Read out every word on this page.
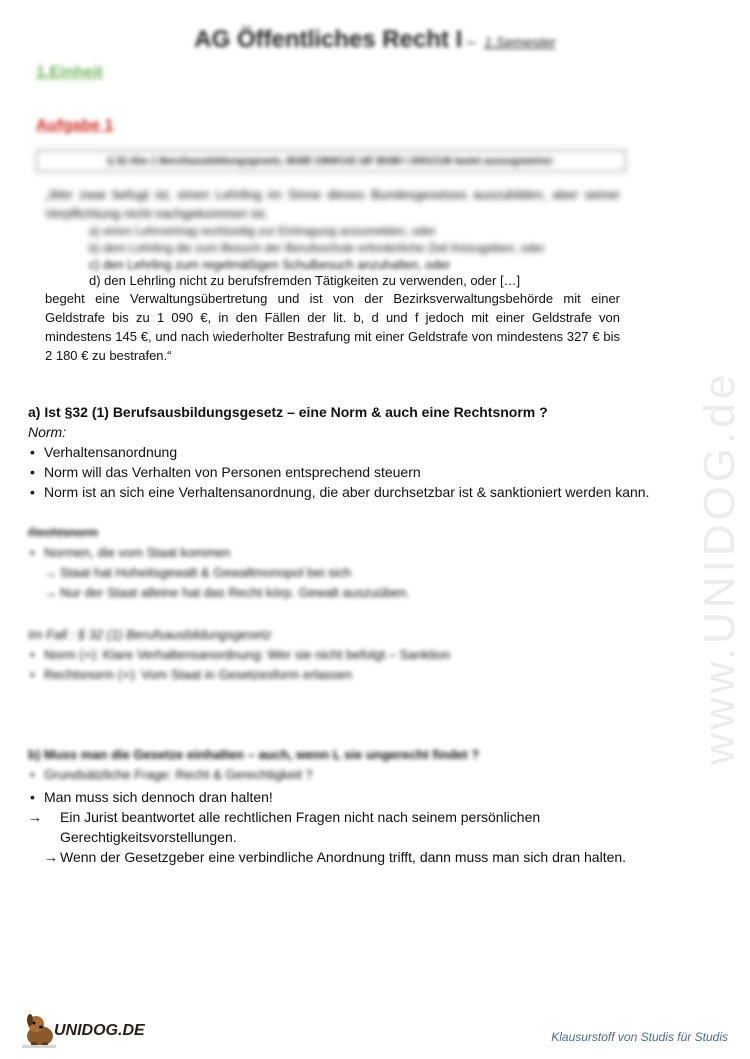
AG Öffentliches Recht I – 1.Semester
1.Einheit
Aufgabe 1
§ 32 Abs 1 Berufsausbildungsgesetz, BGBl 1969/142 idF BGBl I 2001/136 lautet auszugsweise:
„Wer zwar befugt ist, einen Lehrling im Sinne dieses Bundesgesetzes auszubilden, aber seiner Verpflichtung nicht nachgekommen ist,
a) einen Lehrvertrag rechtzeitig zur Eintragung anzumelden, oder
b) dem Lehrling die zum Besuch der Berufsschule erforderliche Zeit freizugeben, oder
c) den Lehrling zum regelmäßigen Schulbesuch anzuhalten, oder
d) den Lehrling nicht zu berufsfremden Tätigkeiten zu verwenden, oder […]
begeht eine Verwaltungsübertretung und ist von der Bezirksverwaltungsbehörde mit einer Geldstrafe bis zu 1 090 €, in den Fällen der lit. b, d und f jedoch mit einer Geldstrafe von mindestens 145 €, und nach wiederholter Bestrafung mit einer Geldstrafe von mindestens 327 € bis 2 180 € zu bestrafen.“
a) Ist §32 (1) Berufsausbildungsgesetz – eine Norm & auch eine Rechtsnorm ?
Norm:
• Verhaltensanordnung
• Norm will das Verhalten von Personen entsprechend steuern
• Norm ist an sich eine Verhaltensanordnung, die aber durchsetzbar ist & sanktioniert werden kann.
Rechtsnorm
• Normen, die vom Staat kommen
→ Staat hat Hoheitsgewalt & Gewaltmonopol bei sich
→ Nur der Staat alleine hat das Recht körp. Gewalt auszuüben.
Im Fall : § 32 (1) Berufsausbildungsgesetz
• Norm (+): Klare Verhaltensanordnung: Wer sie nicht befolgt – Sanktion
• Rechtsnorm (+): Vom Staat in Gesetzesform erlassen
b) Muss man die Gesetze einhalten – auch, wenn L sie ungerecht findet ?
• Grundsätzliche Frage: Recht & Gerechtigkeit ?
• Man muss sich dennoch dran halten!
→ Ein Jurist beantwortet alle rechtlichen Fragen nicht nach seinem persönlichen Gerechtigkeitsvorstellungen.
→ Wenn der Gesetzgeber eine verbindliche Anordnung trifft, dann muss man sich dran halten.
www.UNIDOG.de
UNIDOG.DE	Klausurstoff von Studis für Studis
